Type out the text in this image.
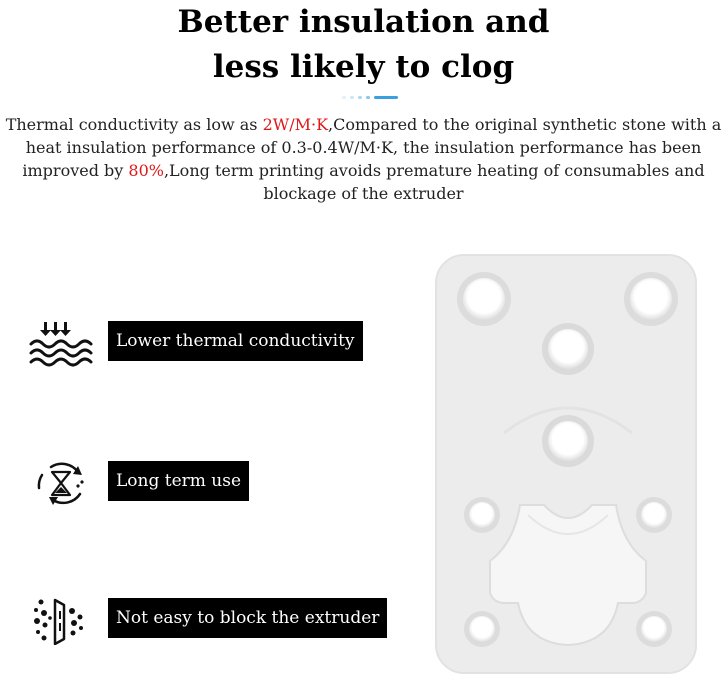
Better insulation and
less likely to clog

Thermal conductivity as low as 2W/M·K,Compared to the original synthetic stone with a heat insulation performance of 0.3-0.4W/M·K, the insulation performance has been improved by 80%,Long term printing avoids premature heating of consumables and blockage of the extruder

Lower thermal conductivity
Long term use
Not easy to block the extruder
